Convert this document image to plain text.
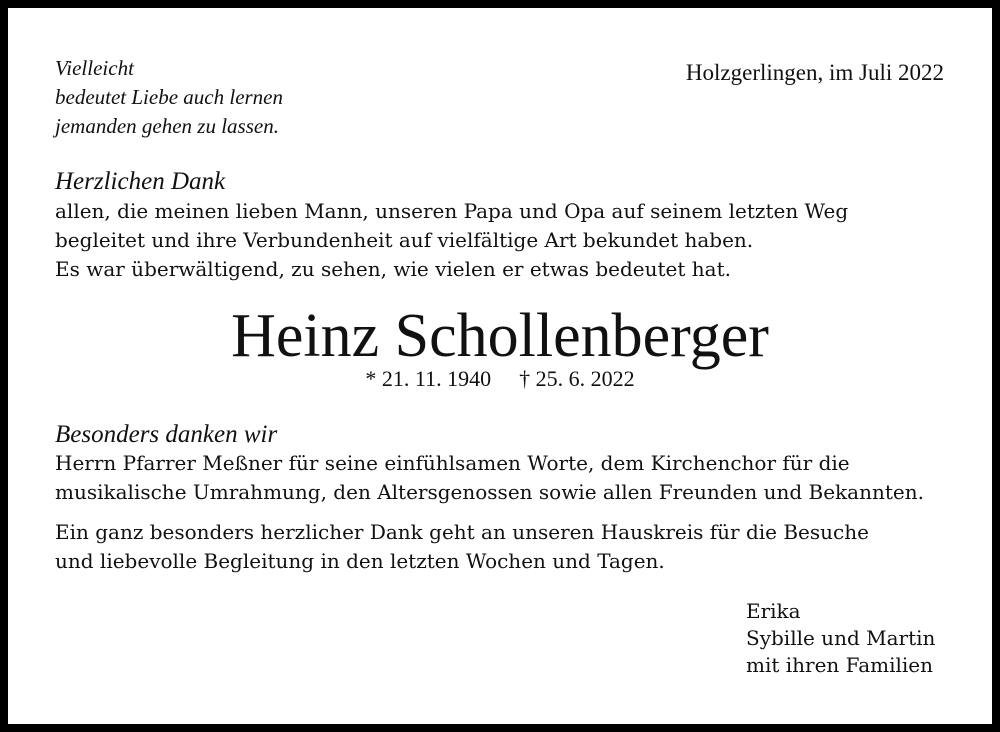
Vielleicht
bedeutet Liebe auch lernen
jemanden gehen zu lassen.
Holzgerlingen, im Juli 2022
Herzlichen Dank
allen, die meinen lieben Mann, unseren Papa und Opa auf seinem letzten Weg
begleitet und ihre Verbundenheit auf vielfältige Art bekundet haben.
Es war überwältigend, zu sehen, wie vielen er etwas bedeutet hat.
Heinz Schollenberger
* 21. 11. 1940 † 25. 6. 2022
Besonders danken wir
Herrn Pfarrer Meßner für seine einfühlsamen Worte, dem Kirchenchor für die
musikalische Umrahmung, den Altersgenossen sowie allen Freunden und Bekannten.
Ein ganz besonders herzlicher Dank geht an unseren Hauskreis für die Besuche
und liebevolle Begleitung in den letzten Wochen und Tagen.
Erika
Sybille und Martin
mit ihren Familien
